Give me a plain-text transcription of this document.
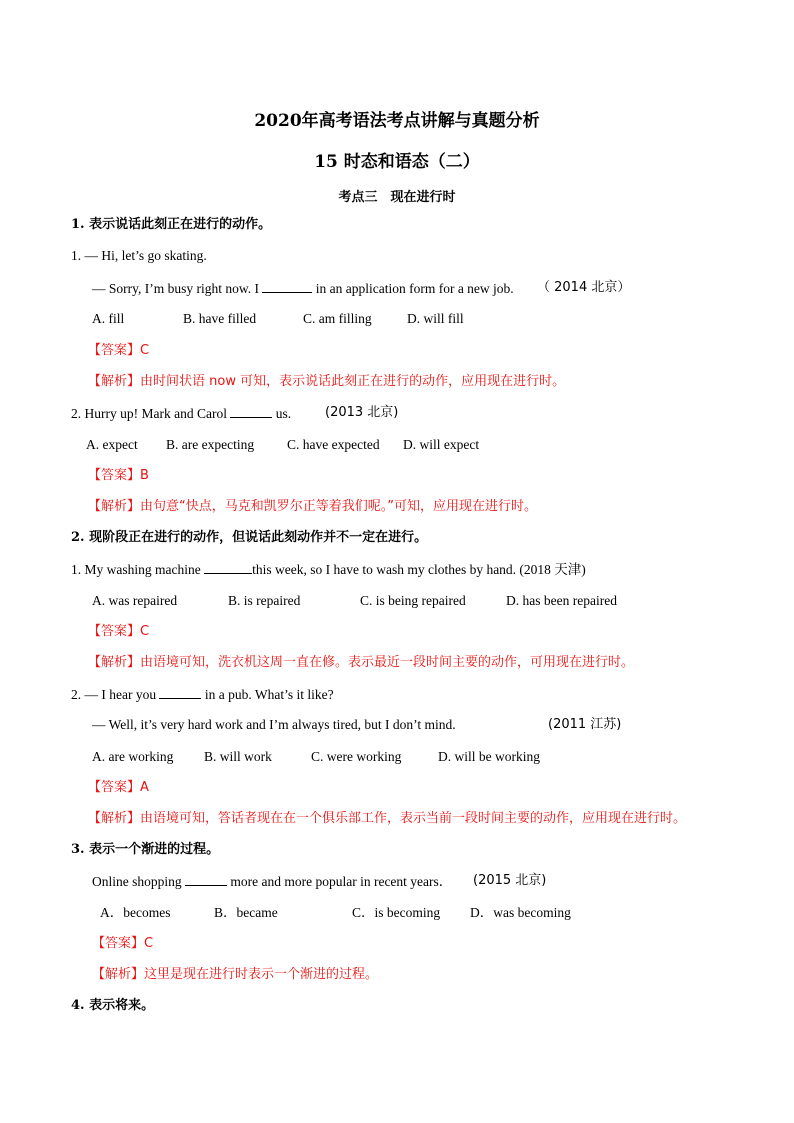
2020年高考语法考点讲解与真题分析
15 时态和语态（二）
考点三　现在进行时
1. 表示说话此刻正在进行的动作。
1. — Hi, let’s go skating.
— Sorry, I’m busy right now. I	in an application form for a new job. （ 2014 北京）
A. fill	B. have filled	C. am filling	D. will fill
【答案】C
【解析】由时间状语 now 可知，表示说话此刻正在进行的动作，应用现在进行时。
2. Hurry up! Mark and Carol	us.	(2013 北京)
A. expect B. are expecting C. have expected D. will expect
【答案】B
【解析】由句意“快点，马克和凯罗尔正等着我们呢。”可知，应用现在进行时。
2. 现阶段正在进行的动作，但说话此刻动作并不一定在进行。
1. My washing machine	this week, so I have to wash my clothes by hand. (2018 天津)
A. was repaired	B. is repaired	C. is being repaired	D. has been repaired
【答案】C
【解析】由语境可知，洗衣机这周一直在修。表示最近一段时间主要的动作，可用现在进行时。
2. — I hear you	in a pub. What’s it like?
— Well, it’s very hard work and I’m always tired, but I don’t mind.	(2011 江苏)
A. are working B. will work	C. were working	D. will be working
【答案】A
【解析】由语境可知，答话者现在在一个俱乐部工作，表示当前一段时间主要的动作，应用现在进行时。
3. 表示一个渐进的过程。
Online shopping	more and more popular in recent years． (2015 北京)
A．becomes	B．became	C．is becoming D．was becoming
【答案】C
【解析】这里是现在进行时表示一个渐进的过程。
4. 表示将来。
